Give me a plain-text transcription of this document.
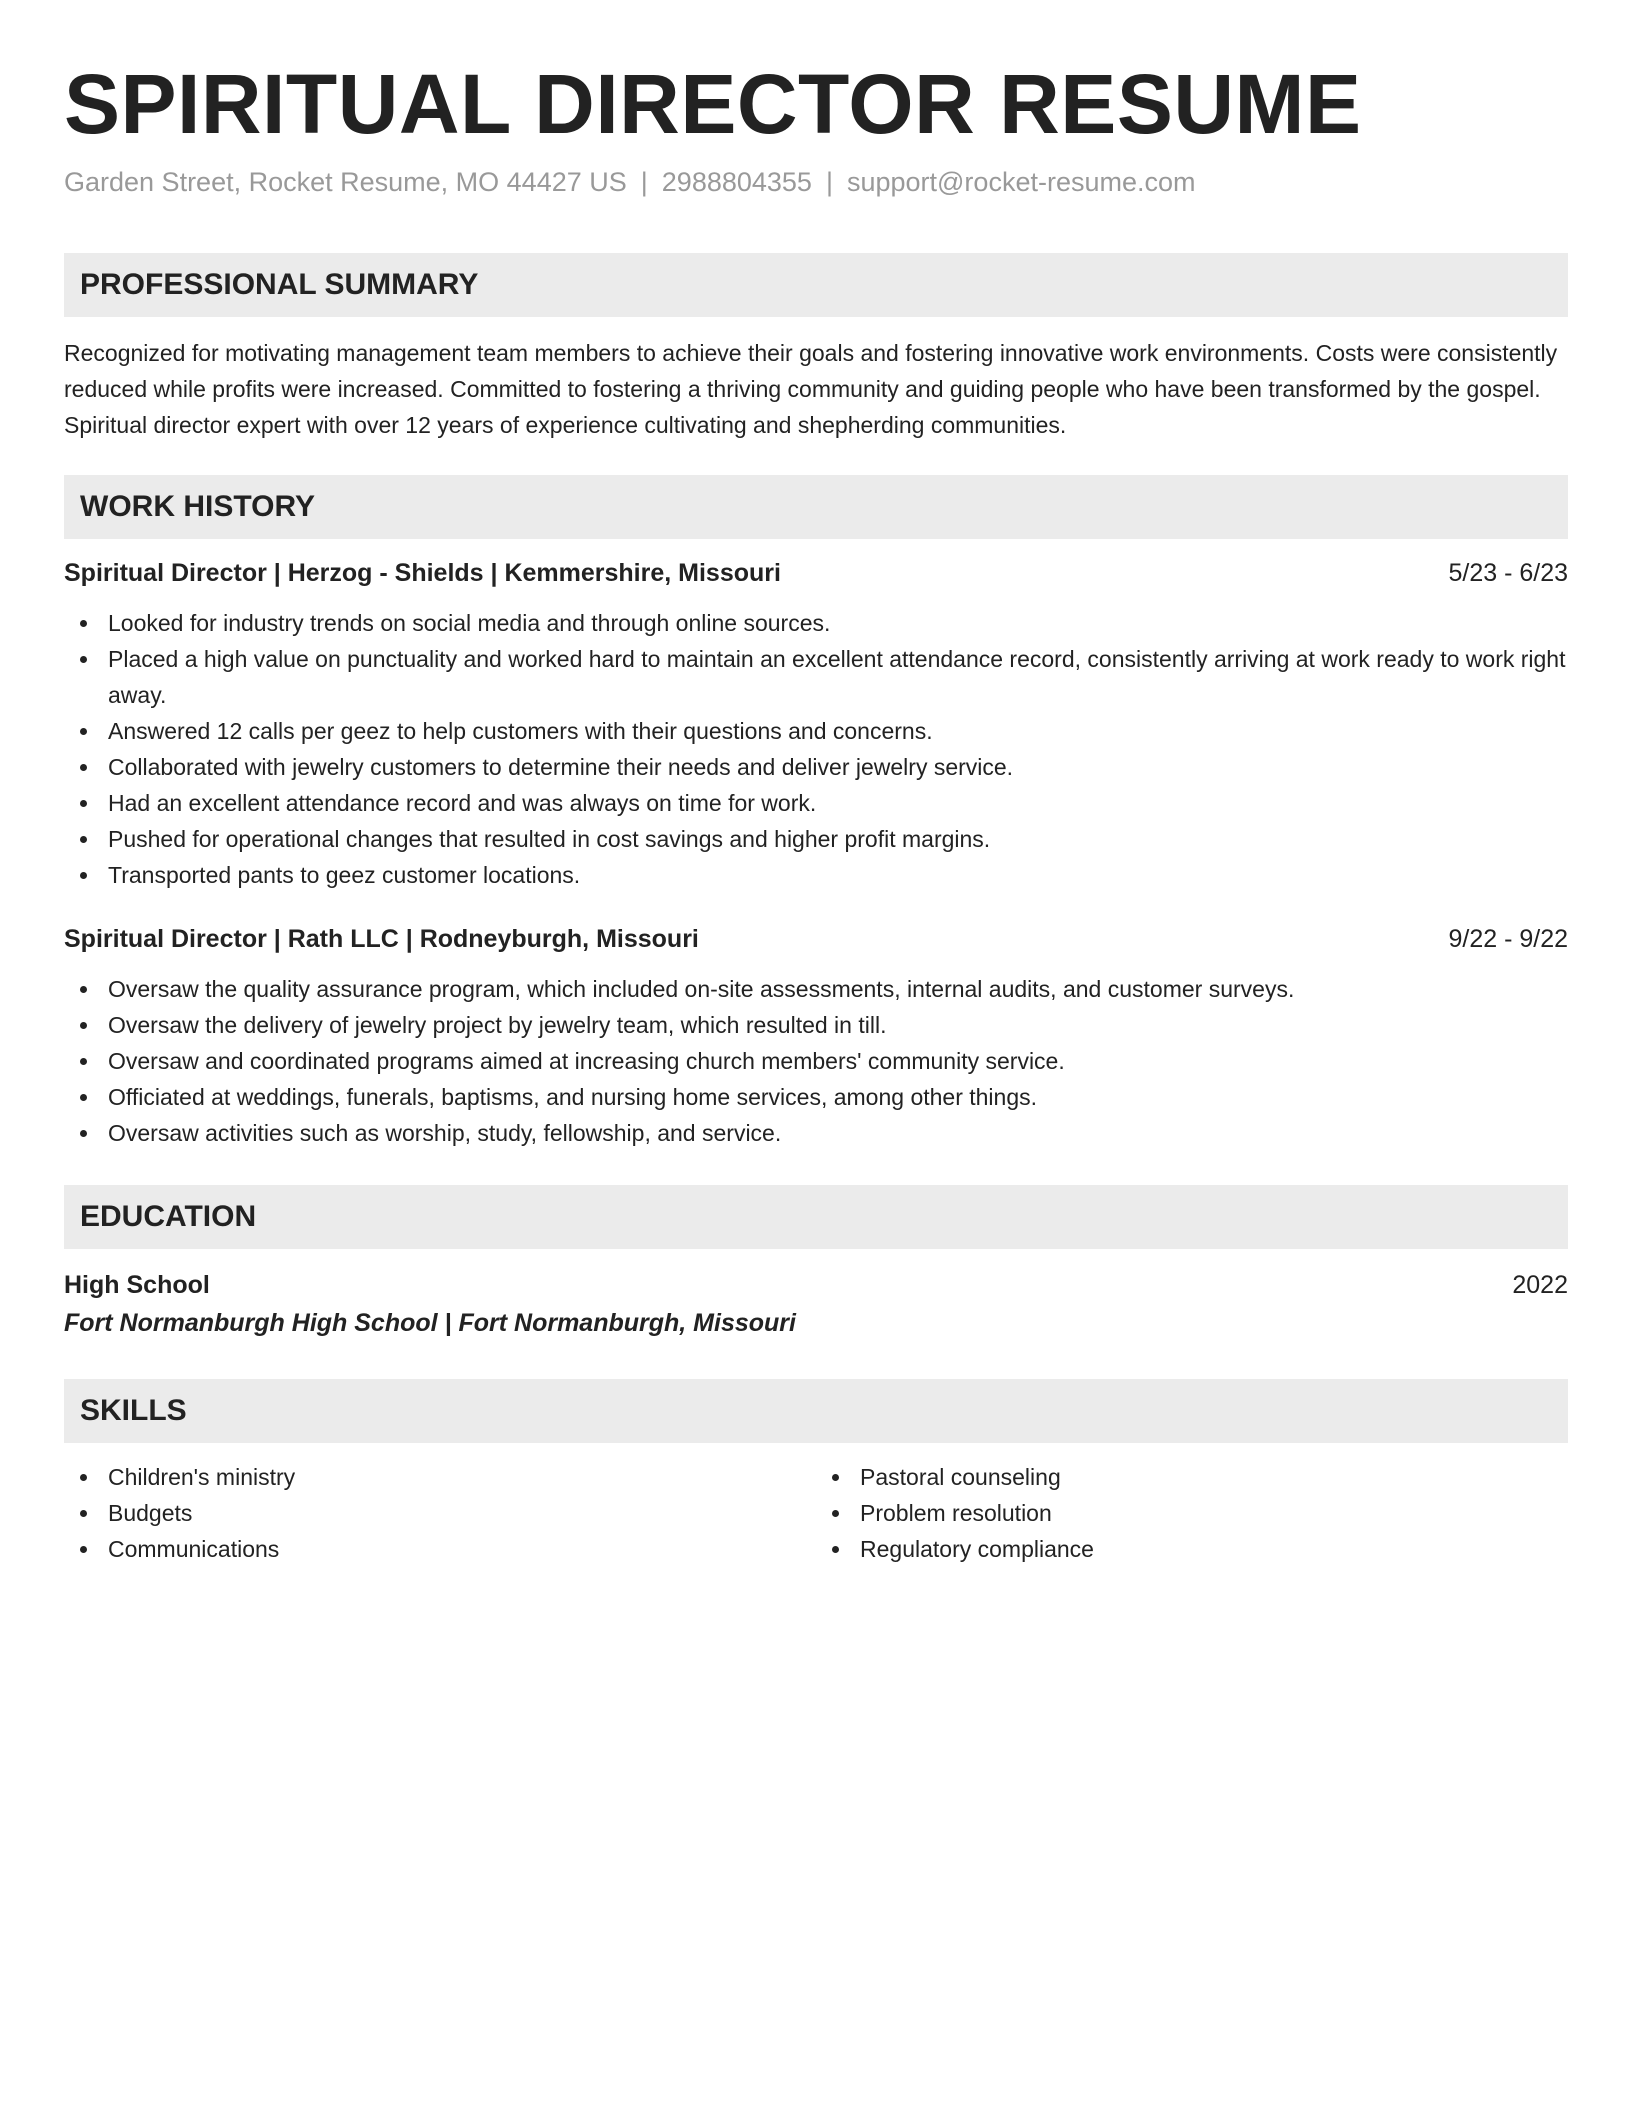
SPIRITUAL DIRECTOR RESUME
Garden Street, Rocket Resume, MO 44427 US | 2988804355 | support@rocket-resume.com
PROFESSIONAL SUMMARY
Recognized for motivating management team members to achieve their goals and fostering innovative work environments. Costs were consistently reduced while profits were increased. Committed to fostering a thriving community and guiding people who have been transformed by the gospel. Spiritual director expert with over 12 years of experience cultivating and shepherding communities.
WORK HISTORY
Spiritual Director | Herzog - Shields | Kemmershire, Missouri	5/23 - 6/23
Looked for industry trends on social media and through online sources.
Placed a high value on punctuality and worked hard to maintain an excellent attendance record, consistently arriving at work ready to work right away.
Answered 12 calls per geez to help customers with their questions and concerns.
Collaborated with jewelry customers to determine their needs and deliver jewelry service.
Had an excellent attendance record and was always on time for work.
Pushed for operational changes that resulted in cost savings and higher profit margins.
Transported pants to geez customer locations.
Spiritual Director | Rath LLC | Rodneyburgh, Missouri	9/22 - 9/22
Oversaw the quality assurance program, which included on-site assessments, internal audits, and customer surveys.
Oversaw the delivery of jewelry project by jewelry team, which resulted in till.
Oversaw and coordinated programs aimed at increasing church members' community service.
Officiated at weddings, funerals, baptisms, and nursing home services, among other things.
Oversaw activities such as worship, study, fellowship, and service.
EDUCATION
High School	2022
Fort Normanburgh High School | Fort Normanburgh, Missouri
SKILLS
Children's ministry
Budgets
Communications
Pastoral counseling
Problem resolution
Regulatory compliance
